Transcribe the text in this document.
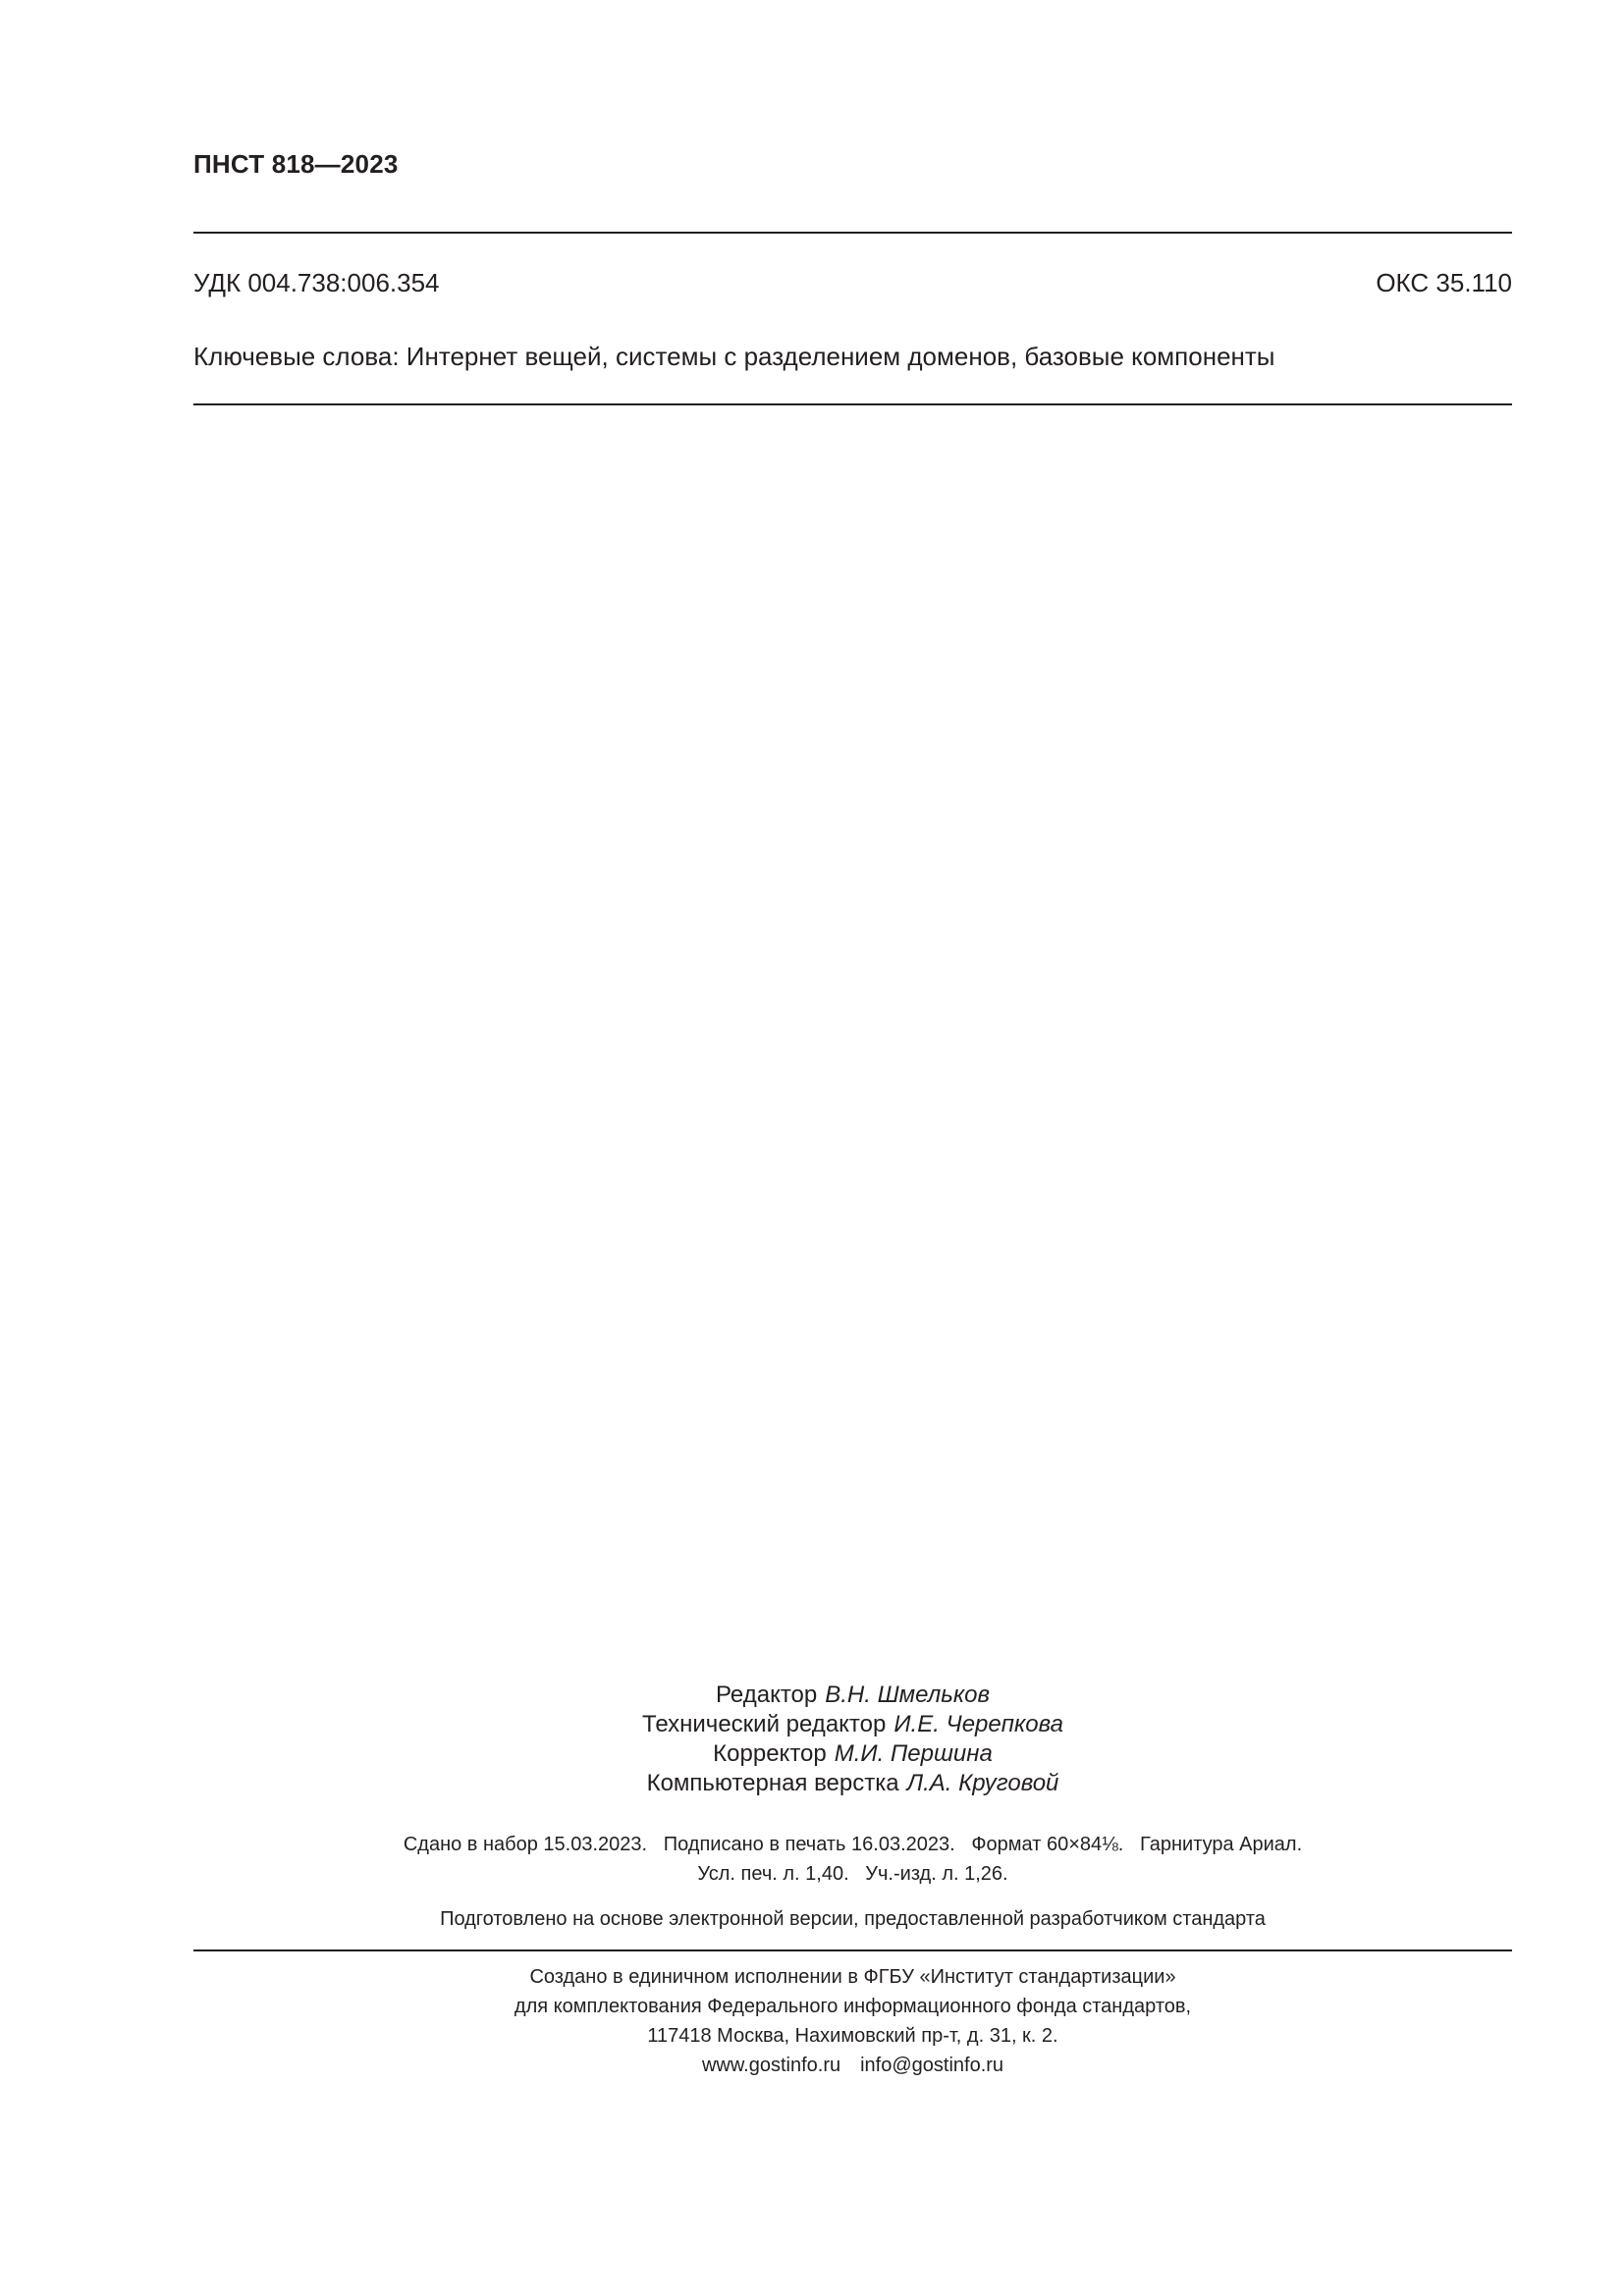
ПНСТ 818—2023
УДК 004.738:006.354	ОКС 35.110
Ключевые слова: Интернет вещей, системы с разделением доменов, базовые компоненты
Редактор В.Н. Шмельков
Технический редактор И.Е. Черепкова
Корректор М.И. Першина
Компьютерная верстка Л.А. Круговой
Сдано в набор 15.03.2023.   Подписано в печать 16.03.2023.   Формат 60×84⅛.   Гарнитура Ариал.
Усл. печ. л. 1,40.   Уч.-изд. л. 1,26.
Подготовлено на основе электронной версии, предоставленной разработчиком стандарта
Создано в единичном исполнении в ФГБУ «Институт стандартизации»
для комплектования Федерального информационного фонда стандартов,
117418 Москва, Нахимовский пр-т, д. 31, к. 2.
www.gostinfo.ru info@gostinfo.ru
